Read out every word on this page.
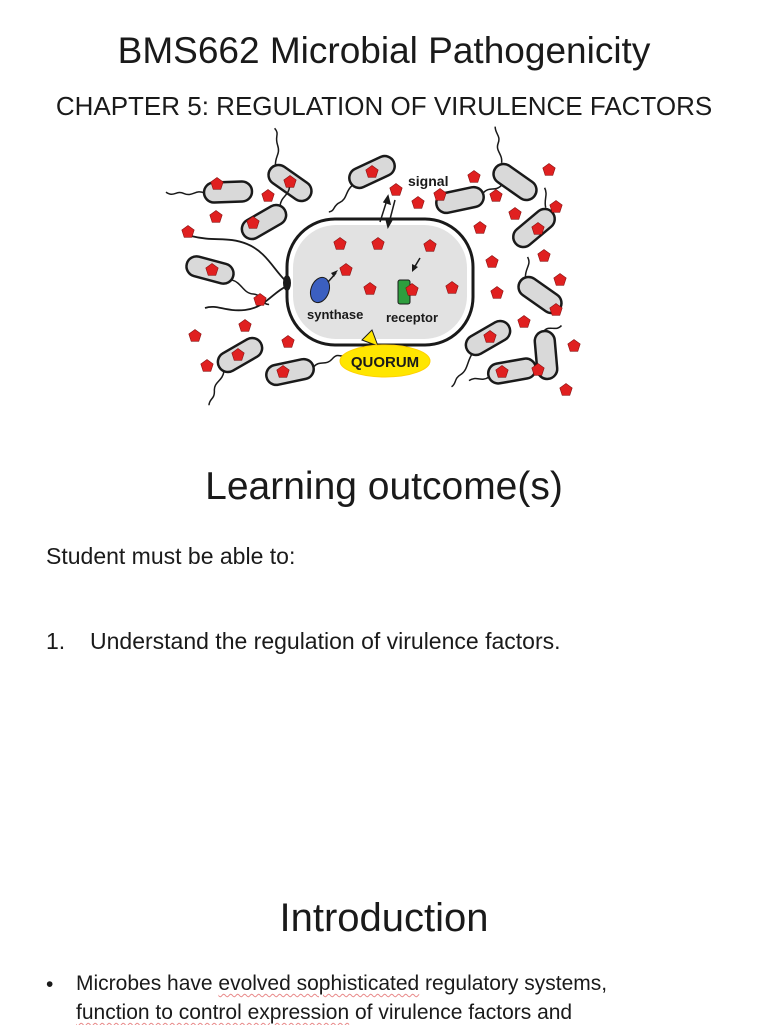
BMS662 Microbial Pathogenicity
CHAPTER 5: REGULATION OF VIRULENCE FACTORS
signal
synthase receptor
QUORUM
Learning outcome(s)
Student must be able to:
1. Understand the regulation of virulence factors.
Introduction
• Microbes have evolved sophisticated regulatory systems,
function to control expression of virulence factors and
